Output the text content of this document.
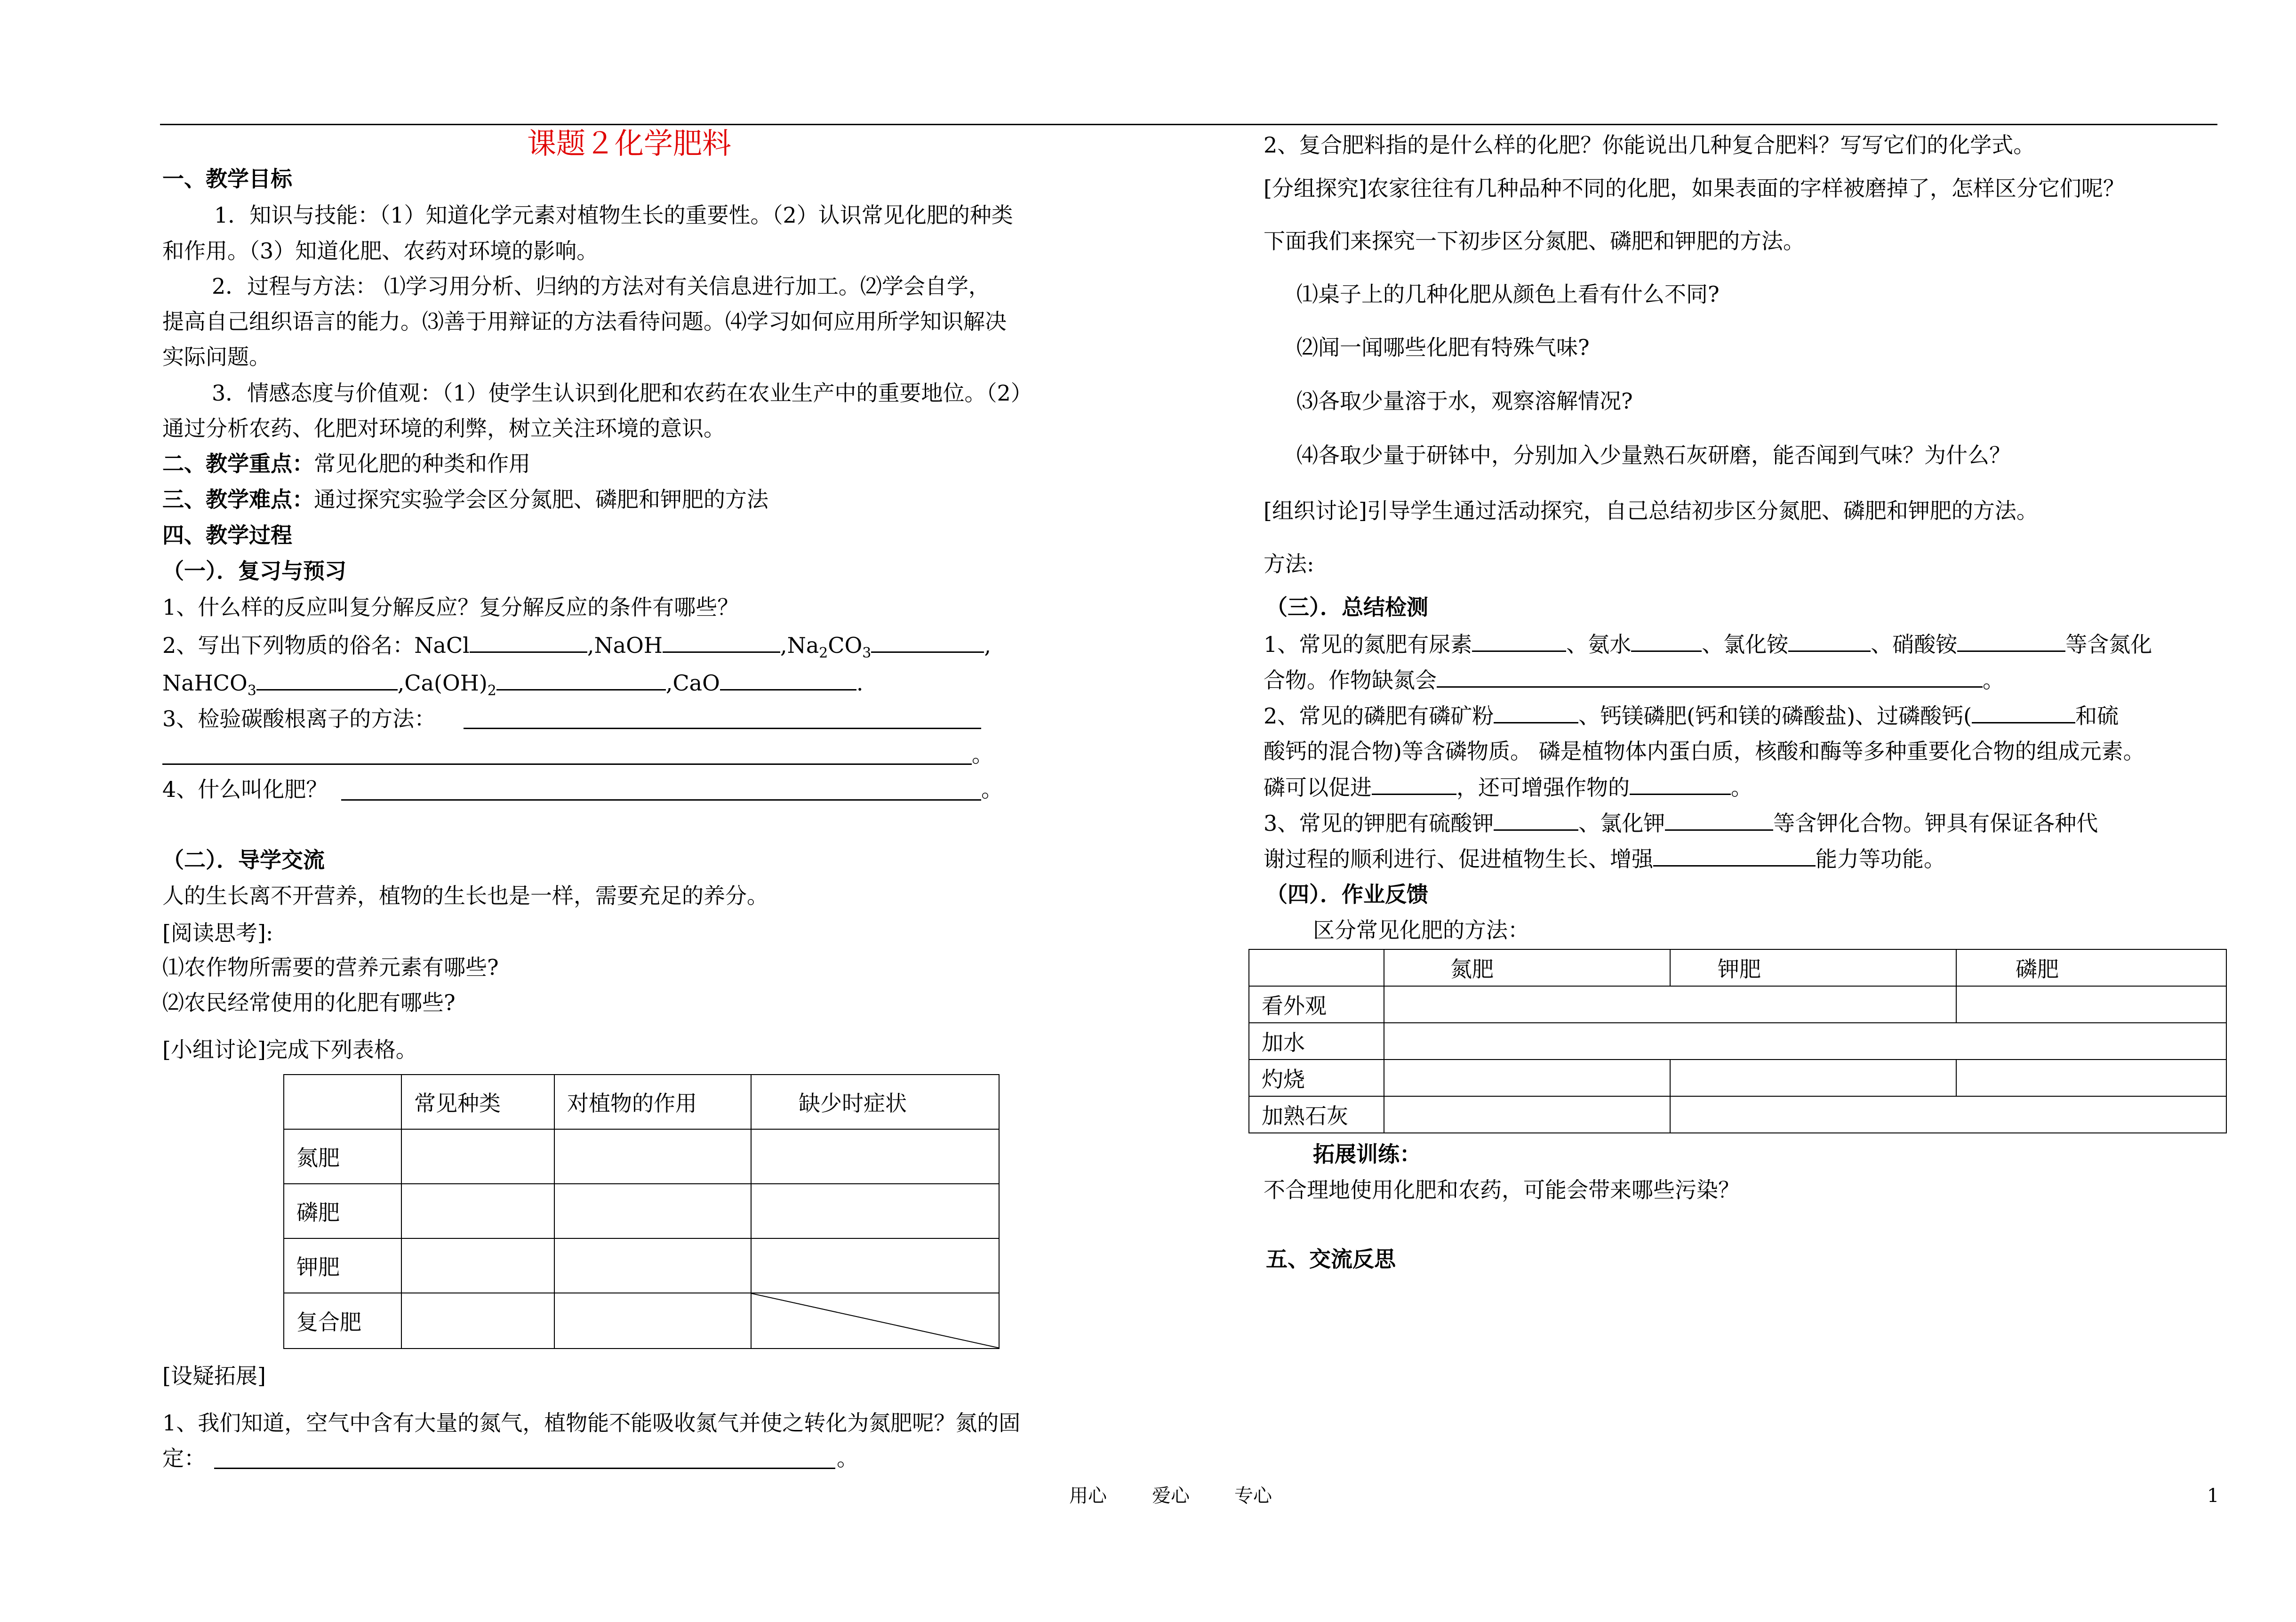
课题２化学肥料
一、教学目标
1．知识与技能：（1）知道化学元素对植物生长的重要性。（2）认识常见化肥的种类
和作用。（3）知道化肥、农药对环境的影响。
2．过程与方法： ⑴学习用分析、归纳的方法对有关信息进行加工。⑵学会自学，
提高自己组织语言的能力。⑶善于用辩证的方法看待问题。⑷学习如何应用所学知识解决
实际问题。
3．情感态度与价值观：（1）使学生认识到化肥和农药在农业生产中的重要地位。（2）
通过分析农药、化肥对环境的利弊，树立关注环境的意识。
二、教学重点：常见化肥的种类和作用
三、教学难点：通过探究实验学会区分氮肥、磷肥和钾肥的方法
四、教学过程
（一）．复习与预习
1、什么样的反应叫复分解反应？复分解反应的条件有哪些？
2、写出下列物质的俗名：NaCl	,NaOH	$,Na_2CO_3$	,
NaHCO$_3$	$,Ca(OH)_2$	,CaO	.
3、检验碳酸根离子的方法：
。
4、什么叫化肥？	。
（二）．导学交流
人的生长离不开营养，植物的生长也是一样，需要充足的养分。
[阅读思考]:
⑴农作物所需要的营养元素有哪些?
⑵农民经常使用的化肥有哪些?
[小组讨论]完成下列表格。
	常见种类	对植物的作用	缺少时症状
氮肥			
磷肥			
钾肥			
复合肥			
[设疑拓展]
1、我们知道，空气中含有大量的氮气，植物能不能吸收氮气并使之转化为氮肥呢？氮的固
定：	。
2、复合肥料指的是什么样的化肥？你能说出几种复合肥料？写写它们的化学式。
[分组探究]农家往往有几种品种不同的化肥，如果表面的字样被磨掉了，怎样区分它们呢？
下面我们来探究一下初步区分氮肥、磷肥和钾肥的方法。
⑴桌子上的几种化肥从颜色上看有什么不同?
⑵闻一闻哪些化肥有特殊气味?
⑶各取少量溶于水，观察溶解情况?
⑷各取少量于研钵中，分别加入少量熟石灰研磨，能否闻到气味？为什么？
[组织讨论]引导学生通过活动探究，自己总结初步区分氮肥、磷肥和钾肥的方法。
方法:
（三）．总结检测
1、常见的氮肥有尿素	、氨水	、氯化铵	、硝酸铵	等含氮化
合物。作物缺氮会	。
2、常见的磷肥有磷矿粉	、钙镁磷肥(钙和镁的磷酸盐)、过磷酸钙(	和硫
酸钙的混合物)等含磷物质。 磷是植物体内蛋白质，核酸和酶等多种重要化合物的组成元素。
磷可以促进	，还可增强作物的	。
3、常见的钾肥有硫酸钾	、氯化钾	等含钾化合物。钾具有保证各种代
谢过程的顺利进行、促进植物生长、增强	能力等功能。
（四）．作业反馈
区分常见化肥的方法：
	氮肥	钾肥	磷肥
看外观			
加水			
灼烧			
加熟石灰			
拓展训练：
不合理地使用化肥和农药，可能会带来哪些污染？
五、交流反思
用心 爱心 专心	1
